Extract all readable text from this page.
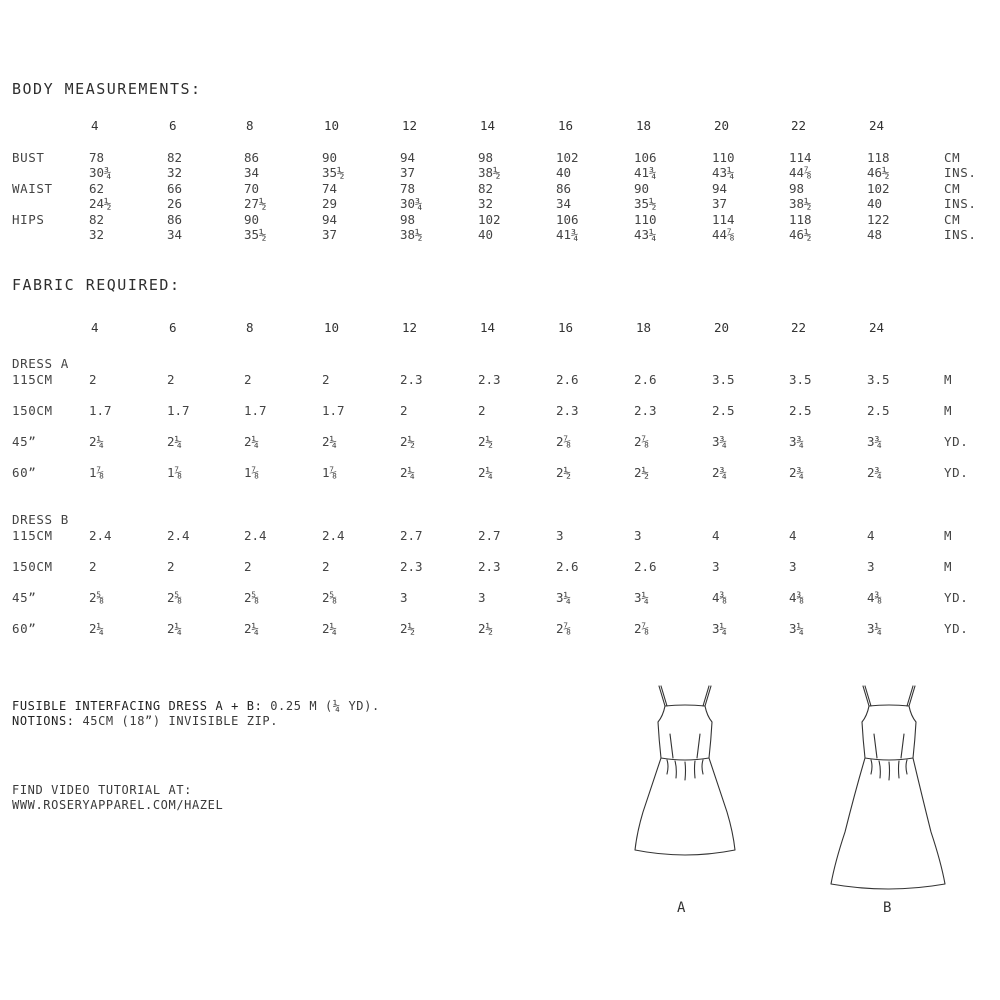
BODY MEASUREMENTS:
4	6	8	10	12	14	16	18	20	22	24
BUST	78	82	86	90	94	98	102	106	110	114	118	CM
30¾	32	34	35½	37	38½	40	41¾	43¼	44⅞	46½	INS.
WAIST	62	66	70	74	78	82	86	90	94	98	102	CM
24½	26	27½	29	30¾	32	34	35½	37	38½	40	INS.
HIPS	82	86	90	94	98	102	106	110	114	118	122	CM
32	34	35½	37	38½	40	41¾	43¼	44⅞	46½	48	INS.
FABRIC REQUIRED:
4	6	8	10	12	14	16	18	20	22	24
DRESS A
115CM	2	2	2	2	2.3	2.3	2.6	2.6	3.5	3.5	3.5	M
150CM	1.7	1.7	1.7	1.7	2	2	2.3	2.3	2.5	2.5	2.5	M
45”	2¼	2¼	2¼	2¼	2½	2½	2⅞	2⅞	3¾	3¾	3¾	YD.
60”	1⅞	1⅞	1⅞	1⅞	2¼	2¼	2½	2½	2¾	2¾	2¾	YD.
DRESS B
115CM	2.4	2.4	2.4	2.4	2.7	2.7	3	3	4	4	4	M
150CM	2	2	2	2	2.3	2.3	2.6	2.6	3	3	3	M
45”	2⅝	2⅝	2⅝	2⅝	3	3	3¼	3¼	4⅜	4⅜	4⅜	YD.
60”	2¼	2¼	2¼	2¼	2½	2½	2⅞	2⅞	3¼	3¼	3¼	YD.
FUSIBLE INTERFACING DRESS A + B: 0.25 M (¼ YD).
NOTIONS: 45CM (18”) INVISIBLE ZIP.
FIND VIDEO TUTORIAL AT:
WWW.ROSERYAPPAREL.COM/HAZEL
A	B
